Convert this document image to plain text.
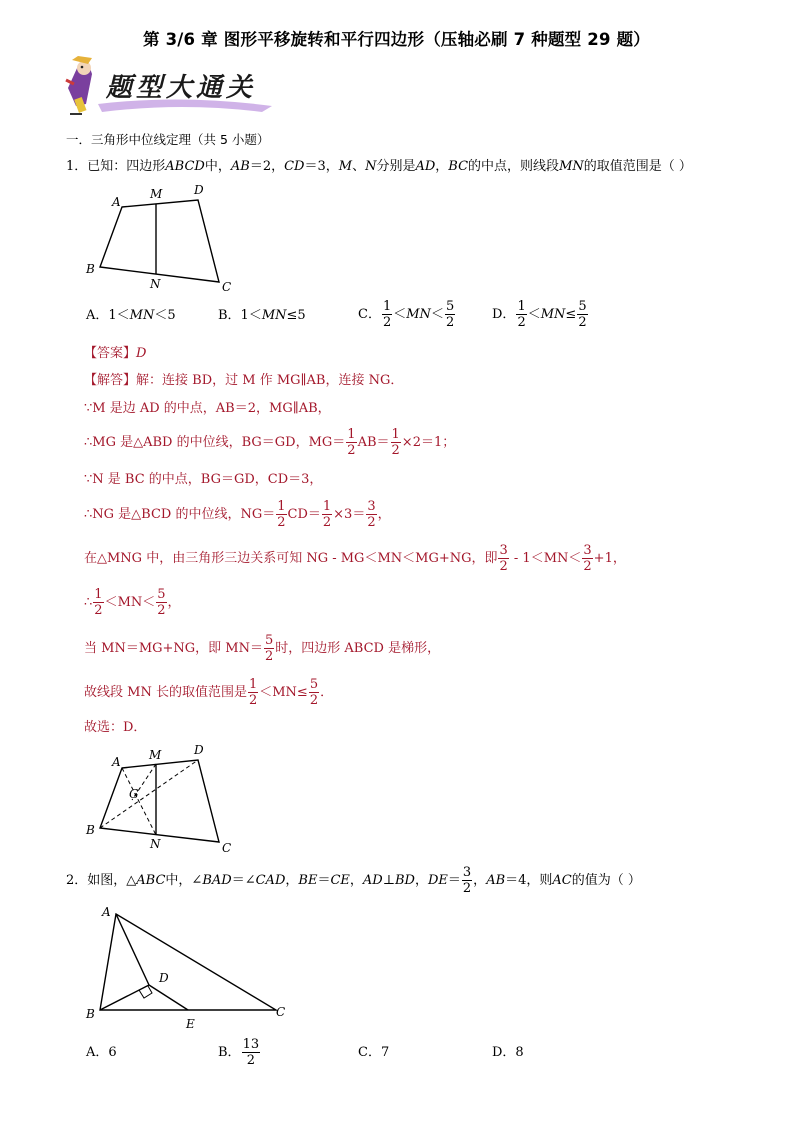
第 3/6 章 图形平移旋转和平行四边形（压轴必刷 7 种题型 29 题）
题型大通关
一．三角形中位线定理（共 5 小题）
1．已知：四边形ABCD中，AB＝2，CD＝3，M、N分别是AD，BC的中点，则线段MN的取值范围是（ ）
A
M	D
B
N	C
A．1＜MN＜5	B．1＜MN≤5	C． $\frac{1}{2} <MN< \frac{5}{2}$	D． $\frac{1}{2} <MN\le \frac{5}{2}$
【答案】D
【解答】解：连接 BD，过 M 作 MG∥AB，连接 NG．
∵M 是边 AD 的中点，AB＝2，MG∥AB，
∴MG 是△ABD 的中位线，BG＝GD，$MG= \frac{1}{2} AB= \frac{1}{2} \times 2=1$；
∵N 是 BC 的中点，BG＝GD，CD＝3，
∴NG 是△BCD 的中位线，$NG= \frac{1}{2} CD= \frac{1}{2} \times 3= \frac{3}{2}$ ，
在△MNG 中，由三角形三边关系可知 NG - MG＜MN＜MG+NG，即 $\frac{3}{2} - 1<MN< \frac{3}{2} +1$，
∴ $\frac{1}{2} <MN< \frac{5}{2}$ ，
当 MN＝MG+NG，即 $MN= \frac{5}{2}$ 时，四边形 ABCD 是梯形，
故线段 MN 长的取值范围是 $\frac{1}{2} <MN\le \frac{5}{2}$ ．
故选：D．
A M	D
G
B
N	C
2．如图，△ABC中，∠BAD＝∠CAD，BE＝CE，AD⊥BD，$DE= \frac{3}{2}$ ，AB＝4，则AC的值为（ ）
A
D
B
E
C
A．6	B． $\frac{13}{2}$	C．7	D．8
